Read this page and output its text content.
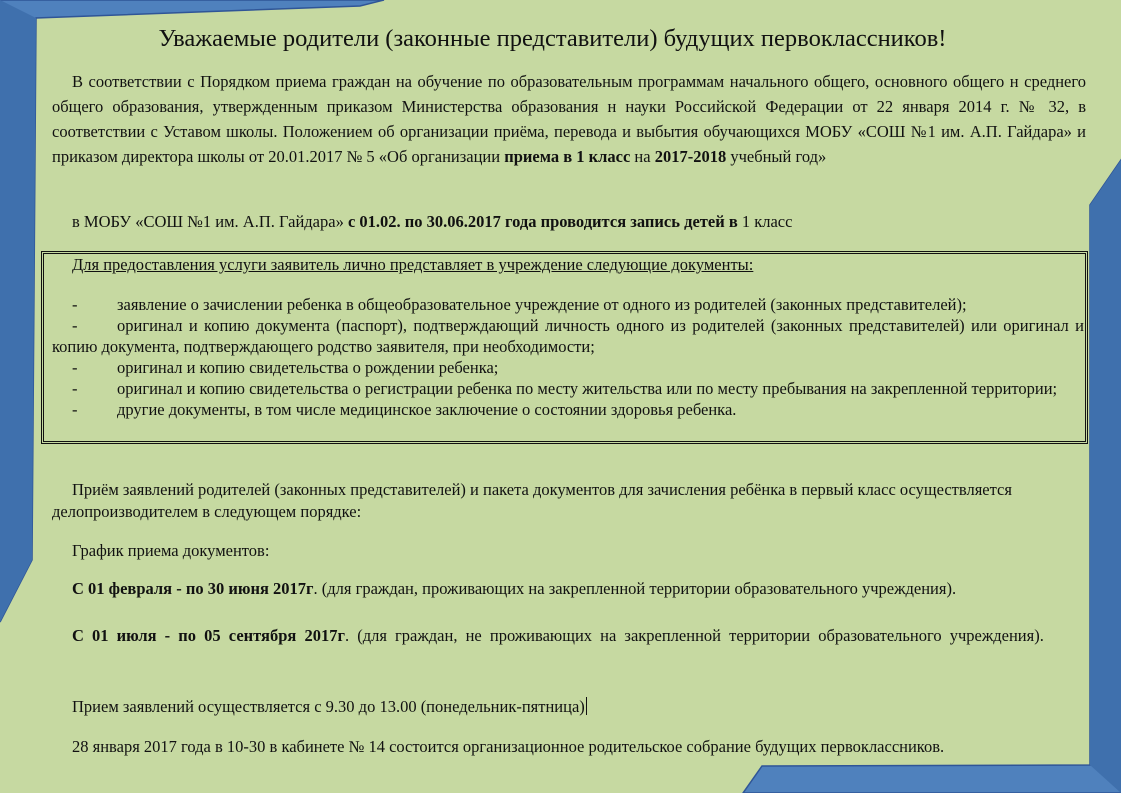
Уважаемые родители (законные представители) будущих первоклассников!
В соответствии с Порядком приема граждан на обучение по образовательным программам начального общего, основного общего н среднего общего образования, утвержденным приказом Министерства образования н науки Российской Федерации от 22 января 2014 г. № 32, в соответствии с Уставом школы. Положением об организации приёма, перевода и выбытия обучающихся МОБУ «СОШ №1 им. А.П. Гайдара» и приказом директора школы от 20.01.2017 № 5 «Об организации приема в 1 класс на 2017-2018 учебный год»
в МОБУ «СОШ №1 им. А.П. Гайдара» с 01.02. по 30.06.2017 года проводится запись детей в 1 класс
Для предоставления услуги заявитель лично представляет в учреждение следующие документы:
- заявление о зачислении ребенка в общеобразовательное учреждение от одного из родителей (законных представителей);
- оригинал и копию документа (паспорт), подтверждающий личность одного из родителей (законных представителей) или оригинал и копию документа, подтверждающего родство заявителя, при необходимости;
- оригинал и копию свидетельства о рождении ребенка;
- оригинал и копию свидетельства о регистрации ребенка по месту жительства или по месту пребывания на закрепленной территории;
- другие документы, в том числе медицинское заключение о состоянии здоровья ребенка.
Приём заявлений родителей (законных представителей) и пакета документов для зачисления ребёнка в первый класс осуществляется делопроизводителем в следующем порядке:
График приема документов:
С 01 февраля - по 30 июня 2017г. (для граждан, проживающих на закрепленной территории образовательного учреждения).
С 01 июля - по 05 сентября 2017г. (для граждан, не проживающих на закрепленной территории образовательного учреждения).
Прием заявлений осуществляется с 9.30 до 13.00 (понедельник-пятница)
28 января 2017 года в 10-30 в кабинете № 14 состоится организационное родительское собрание будущих первоклассников.
